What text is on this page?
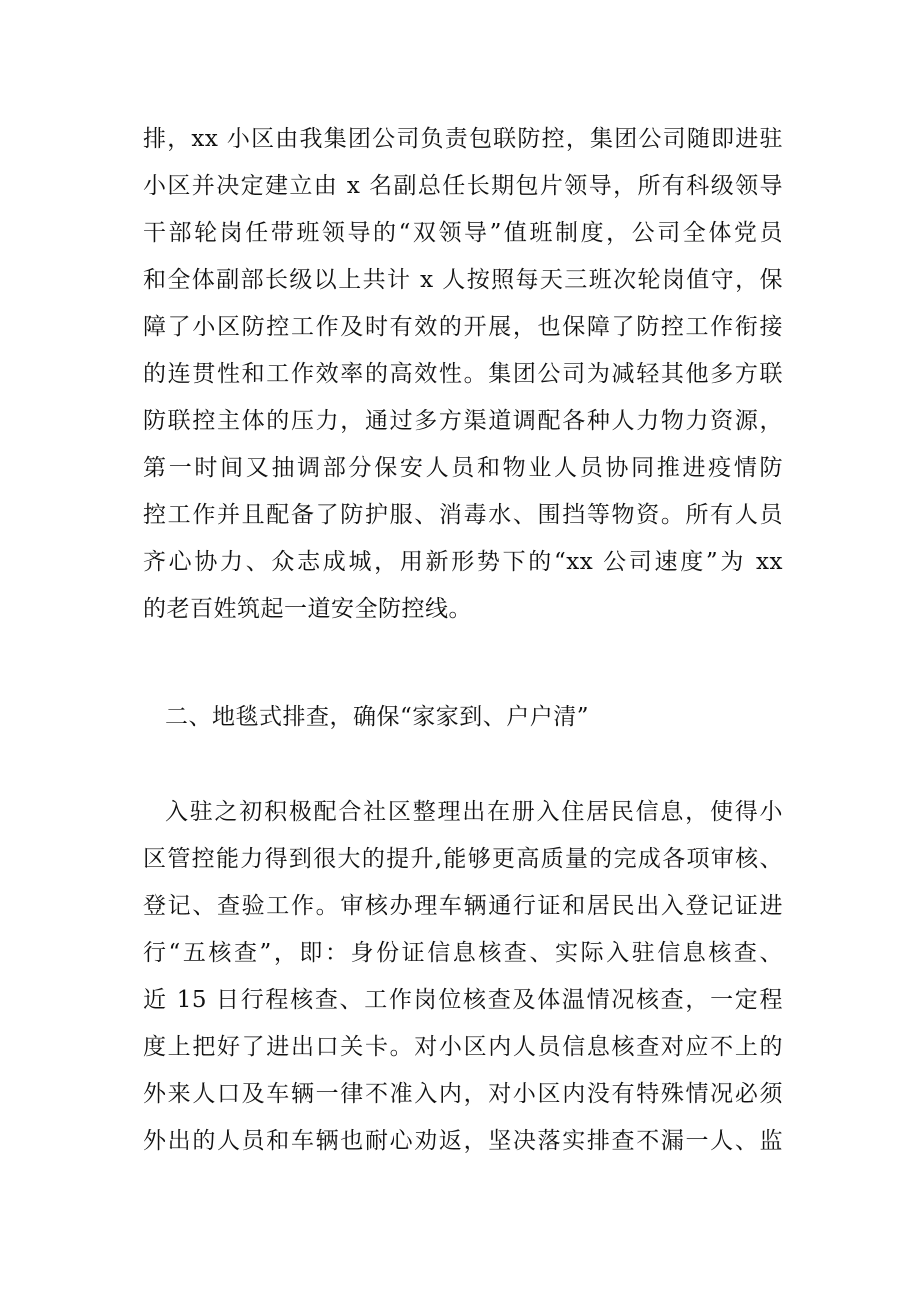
排，xx 小区由我集团公司负责包联防控，集团公司随即进驻
小区并决定建立由 x 名副总任长期包片领导，所有科级领导
干部轮岗任带班领导的“双领导”值班制度，公司全体党员
和全体副部长级以上共计 x 人按照每天三班次轮岗值守，保
障了小区防控工作及时有效的开展，也保障了防控工作衔接
的连贯性和工作效率的高效性。集团公司为减轻其他多方联
防联控主体的压力，通过多方渠道调配各种人力物力资源，
第一时间又抽调部分保安人员和物业人员协同推进疫情防
控工作并且配备了防护服、消毒水、围挡等物资。所有人员
齐心协力、众志成城，用新形势下的“xx 公司速度”为 xx
的老百姓筑起一道安全防控线。
二、地毯式排查，确保“家家到、户户清”
入驻之初积极配合社区整理出在册入住居民信息，使得小
区管控能力得到很大的提升,能够更高质量的完成各项审核、
登记、查验工作。审核办理车辆通行证和居民出入登记证进
行“五核查”，即：身份证信息核查、实际入驻信息核查、
近 15 日行程核查、工作岗位核查及体温情况核查，一定程
度上把好了进出口关卡。对小区内人员信息核查对应不上的
外来人口及车辆一律不准入内，对小区内没有特殊情况必须
外出的人员和车辆也耐心劝返，坚决落实排查不漏一人、监
